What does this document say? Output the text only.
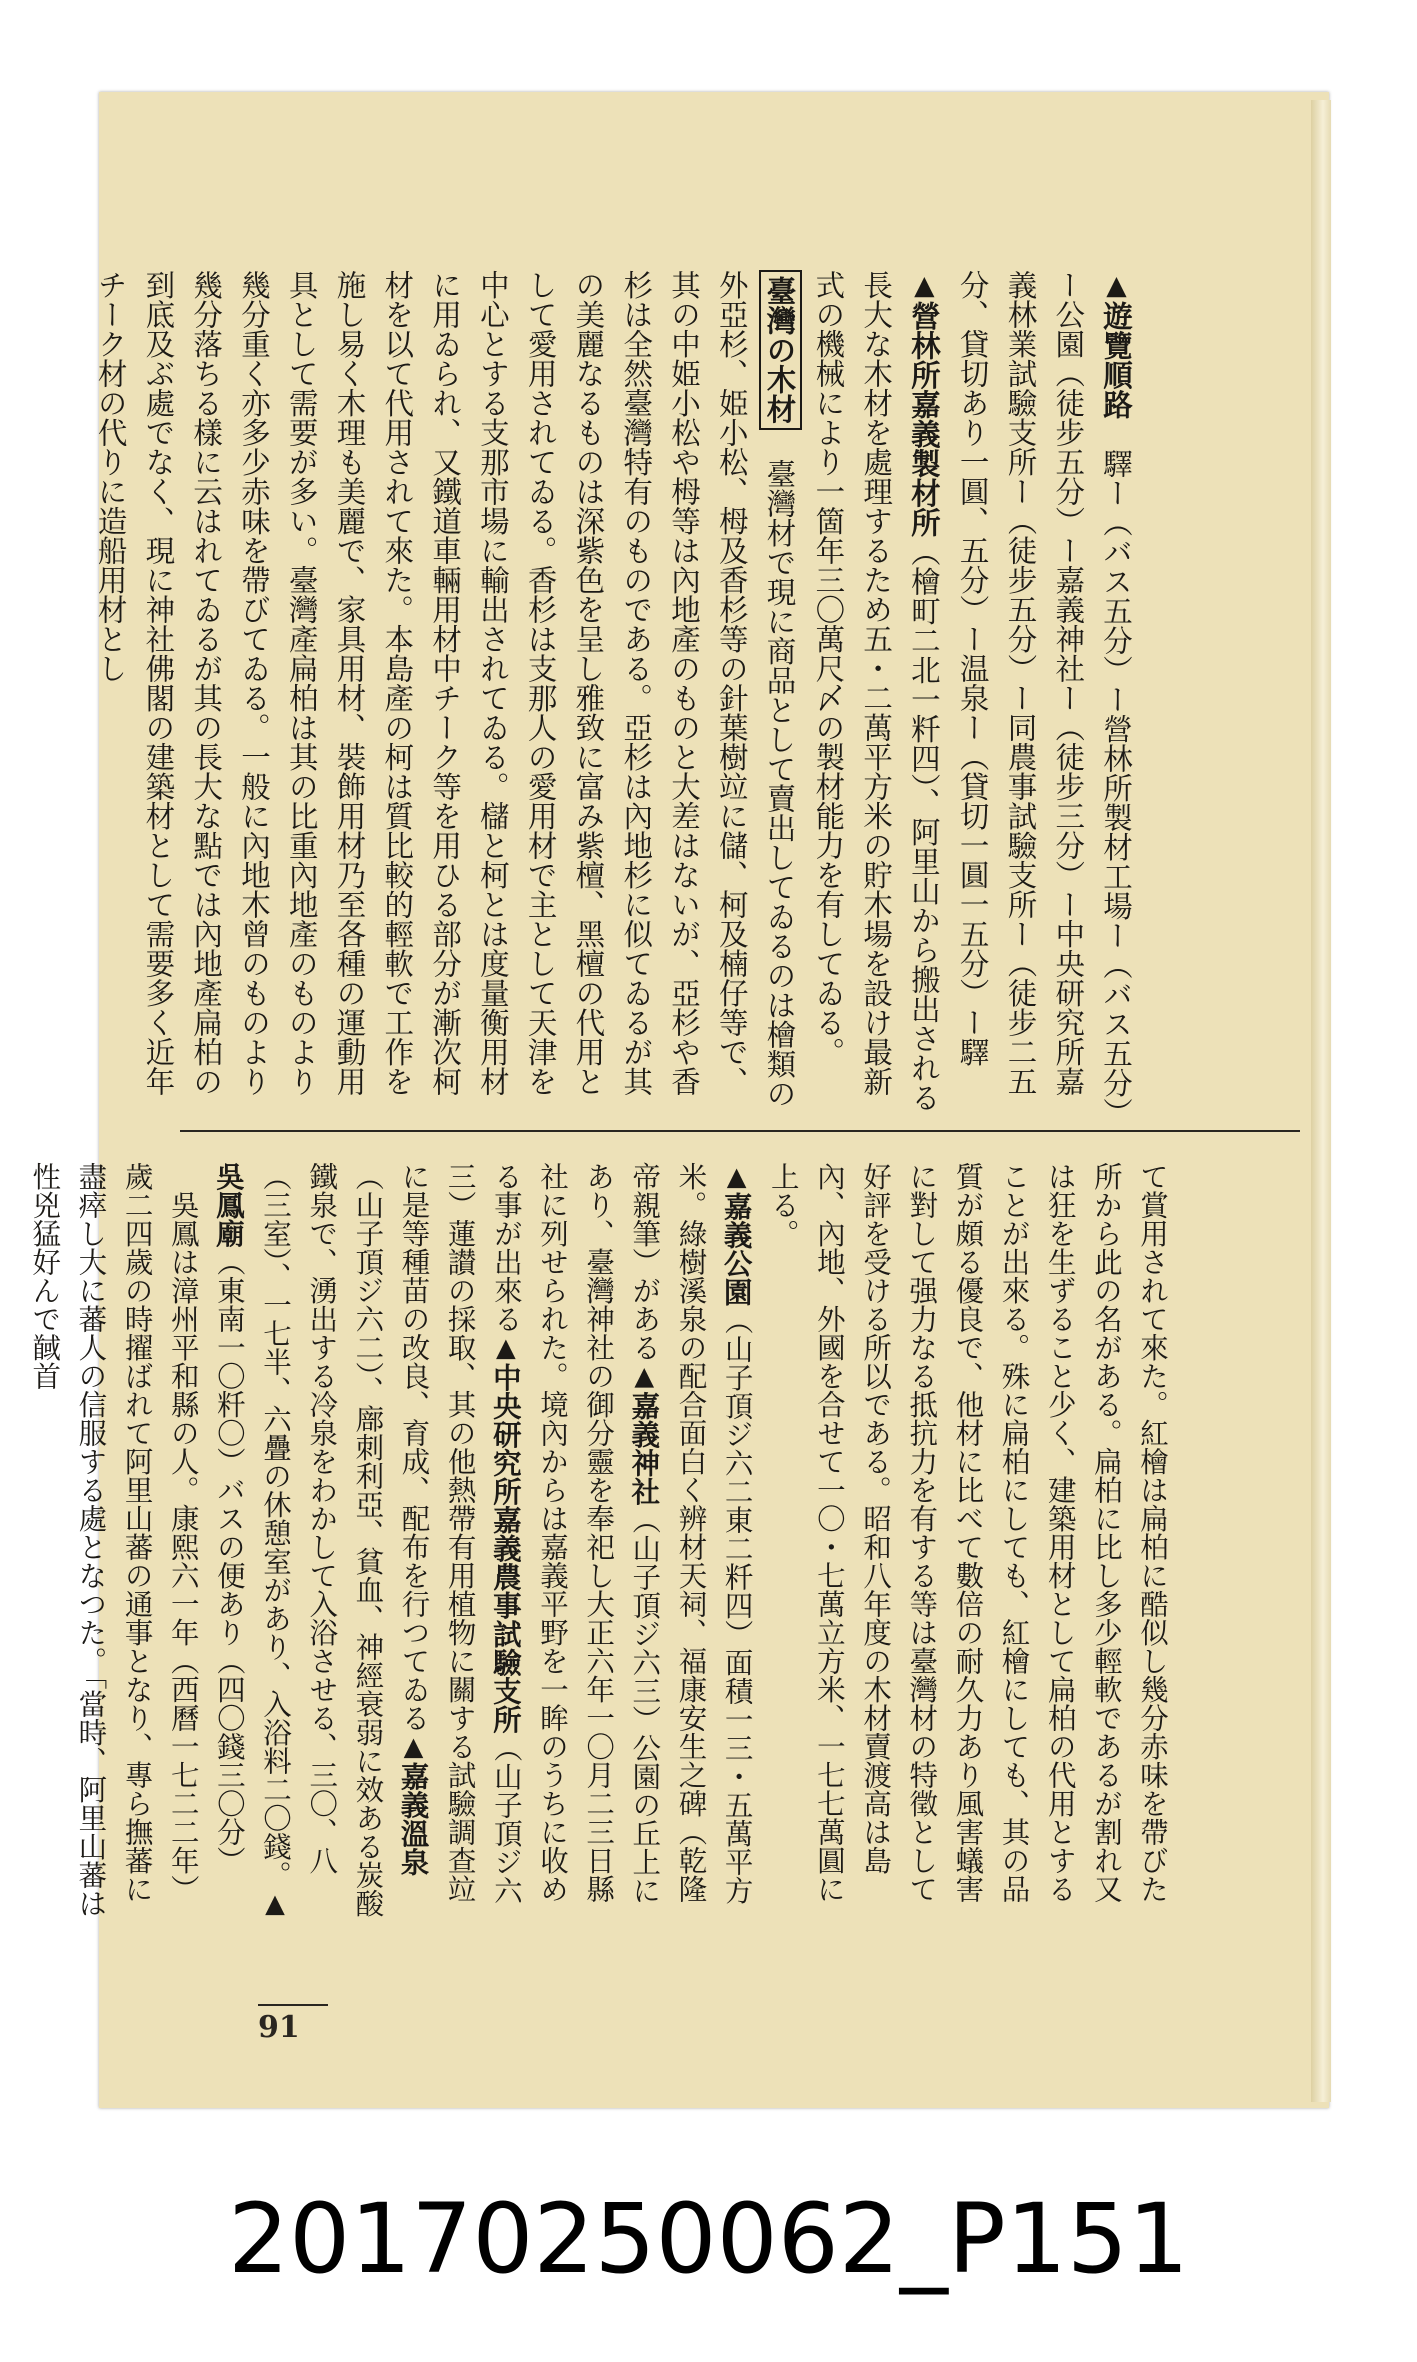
▲遊覽順路　驛ー（バス五分）ー營林所製材工場ー（バス五分）ー公園（徒步五分）ー嘉義神社ー（徒步三分）ー中央研究所嘉義林業試驗支所ー（徒步五分）ー同農事試驗支所ー（徒步二五分、貸切あり一圓、五分）ー温泉ー（貸切一圓一五分）ー驛

▲營林所嘉義製材所（檜町二北一粁四）、阿里山から搬出される長大な木材を處理するため五・二萬平方米の貯木場を設け最新式の機械により一箇年三〇萬尺〆の製材能力を有してゐる。

臺灣の木材　臺灣材で現に商品として賣出してゐるのは檜類の外亞杉、姫小松、栂及香杉等の針葉樹竝に儲、柯及楠仔等で、其の中姫小松や栂等は內地產のものと大差はないが、亞杉や香杉は全然臺灣特有のものである。亞杉は內地杉に似てゐるが其の美麗なるものは深紫色を呈し雅致に富み紫檀、黑檀の代用として愛用されてゐる。香杉は支那人の愛用材で主として天津を中心とする支那市場に輸出されてゐる。櫧と柯とは度量衡用材に用ゐられ、又鐵道車輛用材中チーク等を用ひる部分が漸次柯材を以て代用されて來た。本島產の柯は質比較的輕軟で工作を施し易く木理も美麗で、家具用材、裝飾用材乃至各種の運動用具として需要が多い。臺灣產扁柏は其の比重內地產のものより幾分重く亦多少赤味を帶びてゐる。一般に內地木曾のものより幾分落ちる樣に云はれてゐるが其の長大な點では內地產扁柏の到底及ぶ處でなく、現に神社佛閣の建築材として需要多く近年チーク材の代りに造船用材とし

て賞用されて來た。紅檜は扁柏に酷似し幾分赤味を帶びた所から此の名がある。扁柏に比し多少輕軟であるが割れ又は狂を生ずること少く、建築用材として扁柏の代用とすることが出來る。殊に扁柏にしても、紅檜にしても、其の品質が頗る優良で、他材に比べて數倍の耐久力あり風害蟻害に對して强力なる抵抗力を有する等は臺灣材の特徵として好評を受ける所以である。昭和八年度の木材賣渡高は島內、內地、外國を合せて一〇・七萬立方米、一七七萬圓に上る。

▲嘉義公園（山子頂ジ六二東二粁四）面積一三・五萬平方米。綠樹溪泉の配合面白く辨材天祠、福康安生之碑（乾隆帝親筆）がある▲嘉義神社（山子頂ジ六三）公園の丘上にあり、臺灣神社の御分靈を奉祀し大正六年一〇月二三日縣社に列せられた。境內からは嘉義平野を一眸のうちに收める事が出來る▲中央研究所嘉義農事試驗支所（山子頂ジ六三）蓮讃の採取、其の他熱帶有用植物に關する試驗調查竝に是等種苗の改良、育成、配布を行つてゐる▲嘉義溫泉（山子頂ジ六二）、廍刺利亞、貧血、神經衰弱に效ある炭酸鐵泉で、湧出する冷泉をわかして入浴させる、三〇、八（三室）、一七半、六疊の休憩室があり、入浴料二〇錢。▲吳鳳廟（東南一〇粁〇）バスの便あり（四〇錢三〇分）

　吳鳳は漳州平和縣の人。康熙六一年（西曆一七二二年）歲二四歲の時擢ばれて阿里山蕃の通事となり、專ら撫蕃に盡瘁し大に蕃人の信服する處となつた。「當時、阿里山蕃は性兇猛好んで馘首

91
20170250062_P151
